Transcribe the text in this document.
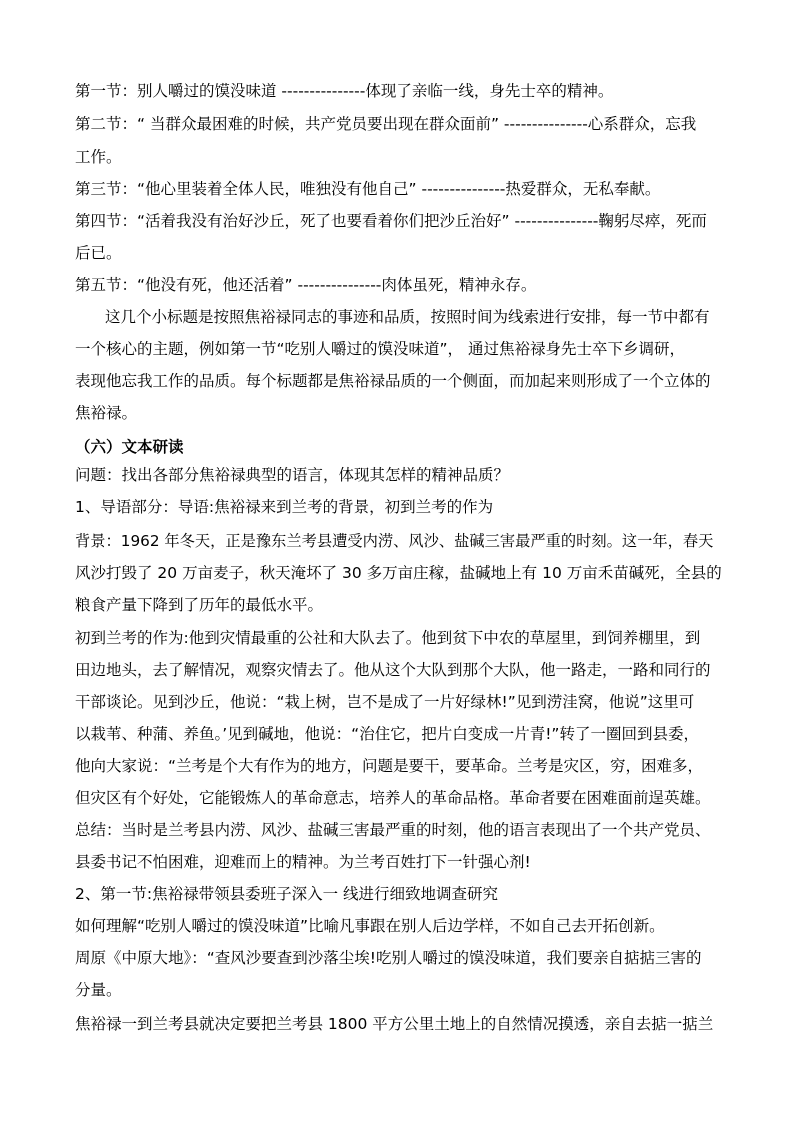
第一节：别人嚼过的馍没味道 ---------------体现了亲临一线，身先士卒的精神。
第二节：“ 当群众最困难的时候，共产党员要出现在群众面前” ---------------心系群众，忘我
工作。
第三节：“他心里装着全体人民，唯独没有他自己” ---------------热爱群众，无私奉献。
第四节：“活着我没有治好沙丘，死了也要看着你们把沙丘治好” ---------------鞠躬尽瘁，死而
后已。
第五节：“他没有死，他还活着” ---------------肉体虽死，精神永存。
这几个小标题是按照焦裕禄同志的事迹和品质，按照时间为线索进行安排，每一节中都有
一个核心的主题，例如第一节“吃别人嚼过的馍没味道”， 通过焦裕禄身先士卒下乡调研，
表现他忘我工作的品质。每个标题都是焦裕禄品质的一个侧面，而加起来则形成了一个立体的
焦裕禄。
（六）文本研读
问题：找出各部分焦裕禄典型的语言，体现其怎样的精神品质？
1、导语部分：导语:焦裕禄来到兰考的背景，初到兰考的作为
背景：1962 年冬天，正是豫东兰考县遭受内涝、风沙、盐碱三害最严重的时刻。这一年，春天
风沙打毁了 20 万亩麦子，秋天淹坏了 30 多万亩庄稼，盐碱地上有 10 万亩禾苗碱死，全县的
粮食产量下降到了历年的最低水平。
初到兰考的作为:他到灾情最重的公社和大队去了。他到贫下中农的草屋里，到饲养棚里，到
田边地头，去了解情况，观察灾情去了。他从这个大队到那个大队，他一路走，一路和同行的
干部谈论。见到沙丘，他说：“栽上树，岂不是成了一片好绿林!”见到涝洼窝，他说”这里可
以栽苇、种蒲、养鱼。’见到碱地，他说：“治住它，把片白变成一片青!”转了一圈回到县委，
他向大家说：“兰考是个大有作为的地方，问题是要干，要革命。兰考是灾区，穷，困难多，
但灾区有个好处，它能锻炼人的革命意志，培养人的革命品格。革命者要在困难面前逞英雄。
总结：当时是兰考县内涝、风沙、盐碱三害最严重的时刻，他的语言表现出了一个共产党员、
县委书记不怕困难，迎难而上的精神。为兰考百姓打下一针强心剂!
2、第一节:焦裕禄带领县委班子深入一 线进行细致地调查研究
如何理解“吃别人嚼过的馍没味道”比喻凡事跟在别人后边学样，不如自己去开拓创新。
周原《中原大地》：“查风沙要查到沙落尘埃!吃别人嚼过的馍没味道，我们要亲自掂掂三害的
分量。
焦裕禄一到兰考县就决定要把兰考县 1800 平方公里土地上的自然情况摸透，亲自去掂一掂兰
